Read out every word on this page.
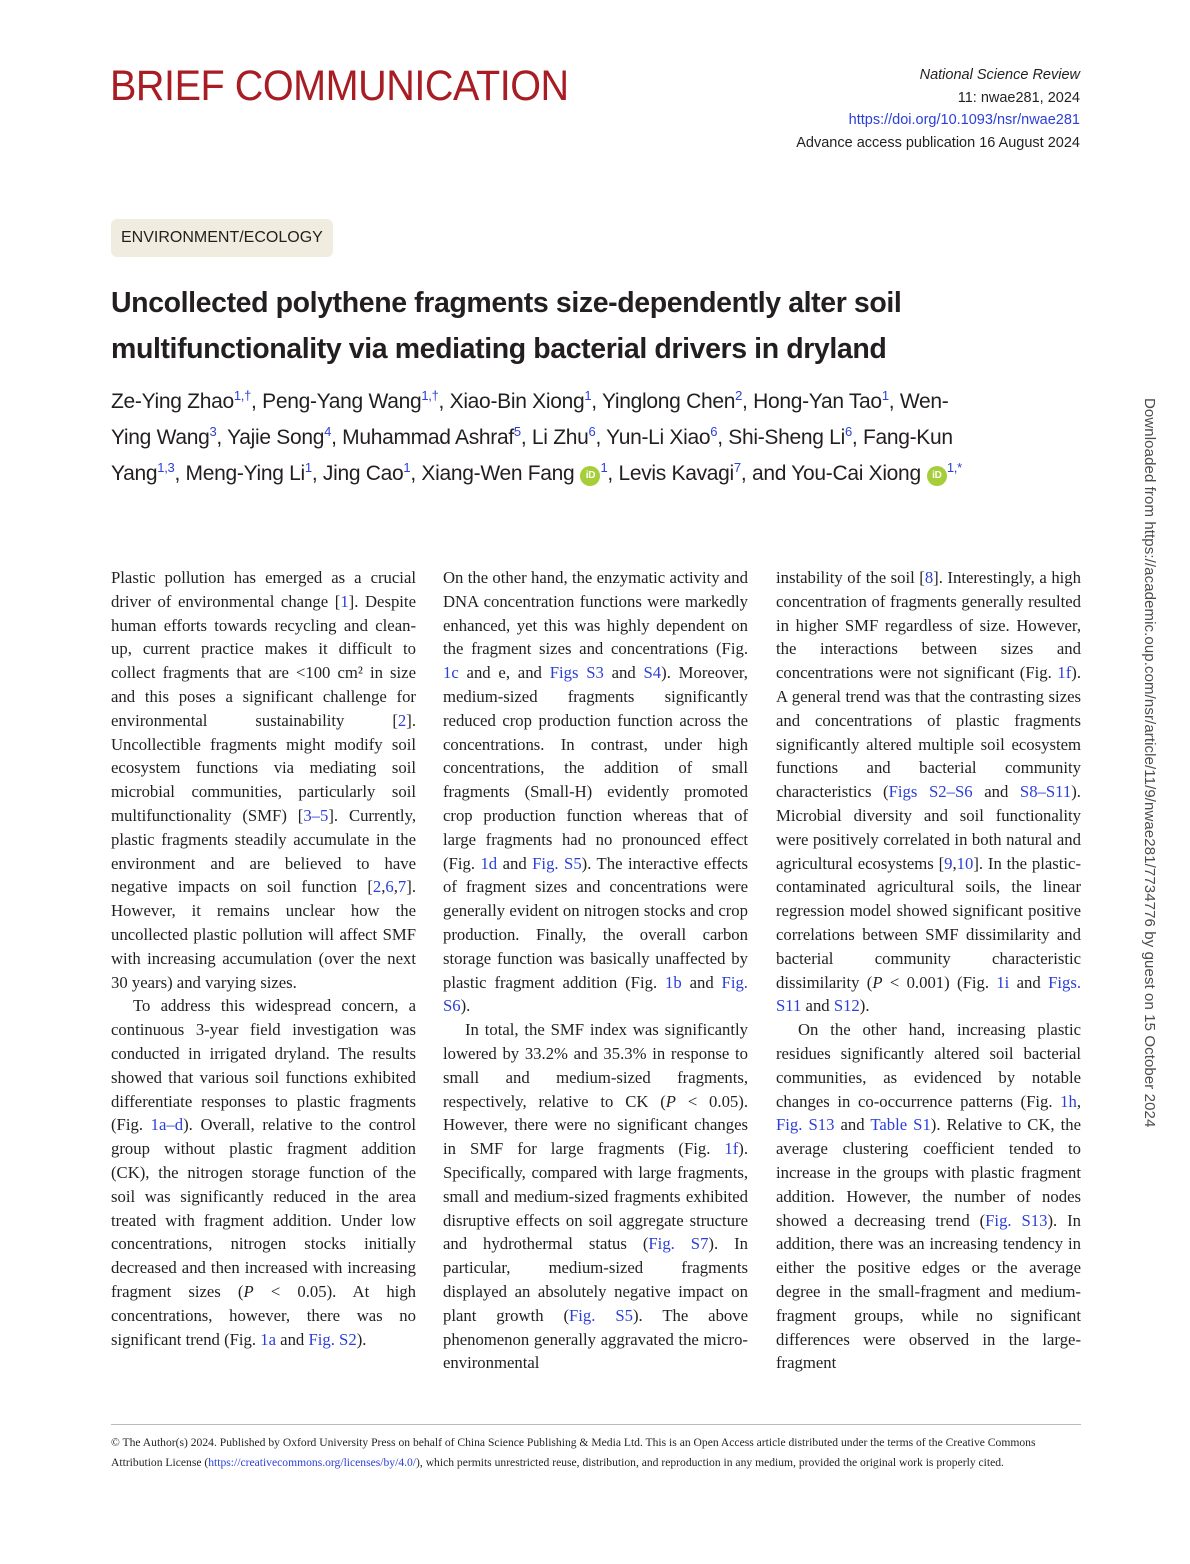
BRIEF COMMUNICATION	National Science Review
11: nwae281, 2024
https://doi.org/10.1093/nsr/nwae281
Advance access publication 16 August 2024
ENVIRONMENT/ECOLOGY
Uncollected polythene fragments size-dependently alter soil multifunctionality via mediating bacterial drivers in dryland
Ze-Ying Zhao$^{1,\dagger}$, Peng-Yang Wang$^{1,\dagger}$, Xiao-Bin Xiong$^1$, Yinglong Chen$^2$, Hong-Yan Tao$^1$, Wen-Ying Wang$^3$, Yajie Song$^4$, Muhammad Ashraf$^5$, Li Zhu$^6$, Yun-Li Xiao$^6$, Shi-Sheng Li$^6$, Fang-Kun Yang$^{1,3}$, Meng-Ying Li$^1$, Jing Cao$^1$, Xiang-Wen Fang $iD^1$, Levis Kavagi$^7$, and You-Cai Xiong $iD^{1,*}$

Plastic pollution has emerged as a crucial driver of environmental change [1]. Despite human efforts towards recycling and clean-up, current practice makes it difficult to collect fragments that are <100 cm² in size and this poses a significant challenge for environmental sustainability [2]. Uncollectible fragments might modify soil ecosystem functions via mediating soil microbial communities, particularly soil multifunctionality (SMF) [3–5]. Currently, plastic fragments steadily accumulate in the environment and are believed to have negative impacts on soil function [2,6,7]. However, it remains unclear how the uncollected plastic pollution will affect SMF with increasing accumulation (over the next 30 years) and varying sizes.

To address this widespread concern, a continuous 3-year field investigation was conducted in irrigated dryland. The results showed that various soil functions exhibited differentiate responses to plastic fragments (Fig. 1a–d). Overall, relative to the control group without plastic fragment addition (CK), the nitrogen storage function of the soil was significantly reduced in the area treated with fragment addition. Under low concentrations, nitrogen stocks initially decreased and then increased with increasing fragment sizes (P < 0.05). At high concentrations, however, there was no significant trend (Fig. 1a and Fig. S2).

On the other hand, the enzymatic activity and DNA concentration functions were markedly enhanced, yet this was highly dependent on the fragment sizes and concentrations (Fig. 1c and e, and Figs S3 and S4). Moreover, medium-sized fragments significantly reduced crop production function across the concentrations. In contrast, under high concentrations, the addition of small fragments (Small-H) evidently promoted crop production function whereas that of large fragments had no pronounced effect (Fig. 1d and Fig. S5). The interactive effects of fragment sizes and concentrations were generally evident on nitrogen stocks and crop production. Finally, the overall carbon storage function was basically unaffected by plastic fragment addition (Fig. 1b and Fig. S6).

In total, the SMF index was significantly lowered by 33.2% and 35.3% in response to small and medium-sized fragments, respectively, relative to CK (P < 0.05). However, there were no significant changes in SMF for large fragments (Fig. 1f). Specifically, compared with large fragments, small and medium-sized fragments exhibited disruptive effects on soil aggregate structure and hydrothermal status (Fig. S7). In particular, medium-sized fragments displayed an absolutely negative impact on plant growth (Fig. S5). The above phenomenon generally aggravated the micro-environmental

instability of the soil [8]. Interestingly, a high concentration of fragments generally resulted in higher SMF regardless of size. However, the interactions between sizes and concentrations were not significant (Fig. 1f). A general trend was that the contrasting sizes and concentrations of plastic fragments significantly altered multiple soil ecosystem functions and bacterial community characteristics (Figs S2–S6 and S8–S11). Microbial diversity and soil functionality were positively correlated in both natural and agricultural ecosystems [9,10]. In the plastic-contaminated agricultural soils, the linear regression model showed significant positive correlations between SMF dissimilarity and bacterial community characteristic dissimilarity (P < 0.001) (Fig. 1i and Figs. S11 and S12).

On the other hand, increasing plastic residues significantly altered soil bacterial communities, as evidenced by notable changes in co-occurrence patterns (Fig. 1h, Fig. S13 and Table S1). Relative to CK, the average clustering coefficient tended to increase in the groups with plastic fragment addition. However, the number of nodes showed a decreasing trend (Fig. S13). In addition, there was an increasing tendency in either the positive edges or the average degree in the small-fragment and medium-fragment groups, while no significant differences were observed in the large-fragment

Downloaded from https://academic.oup.com/nsr/article/11/9/nwae281/7734776 by guest on 15 October 2024
© The Author(s) 2024. Published by Oxford University Press on behalf of China Science Publishing & Media Ltd. This is an Open Access article distributed under the terms of the Creative Commons Attribution License (https://creativecommons.org/licenses/by/4.0/), which permits unrestricted reuse, distribution, and reproduction in any medium, provided the original work is properly cited.
